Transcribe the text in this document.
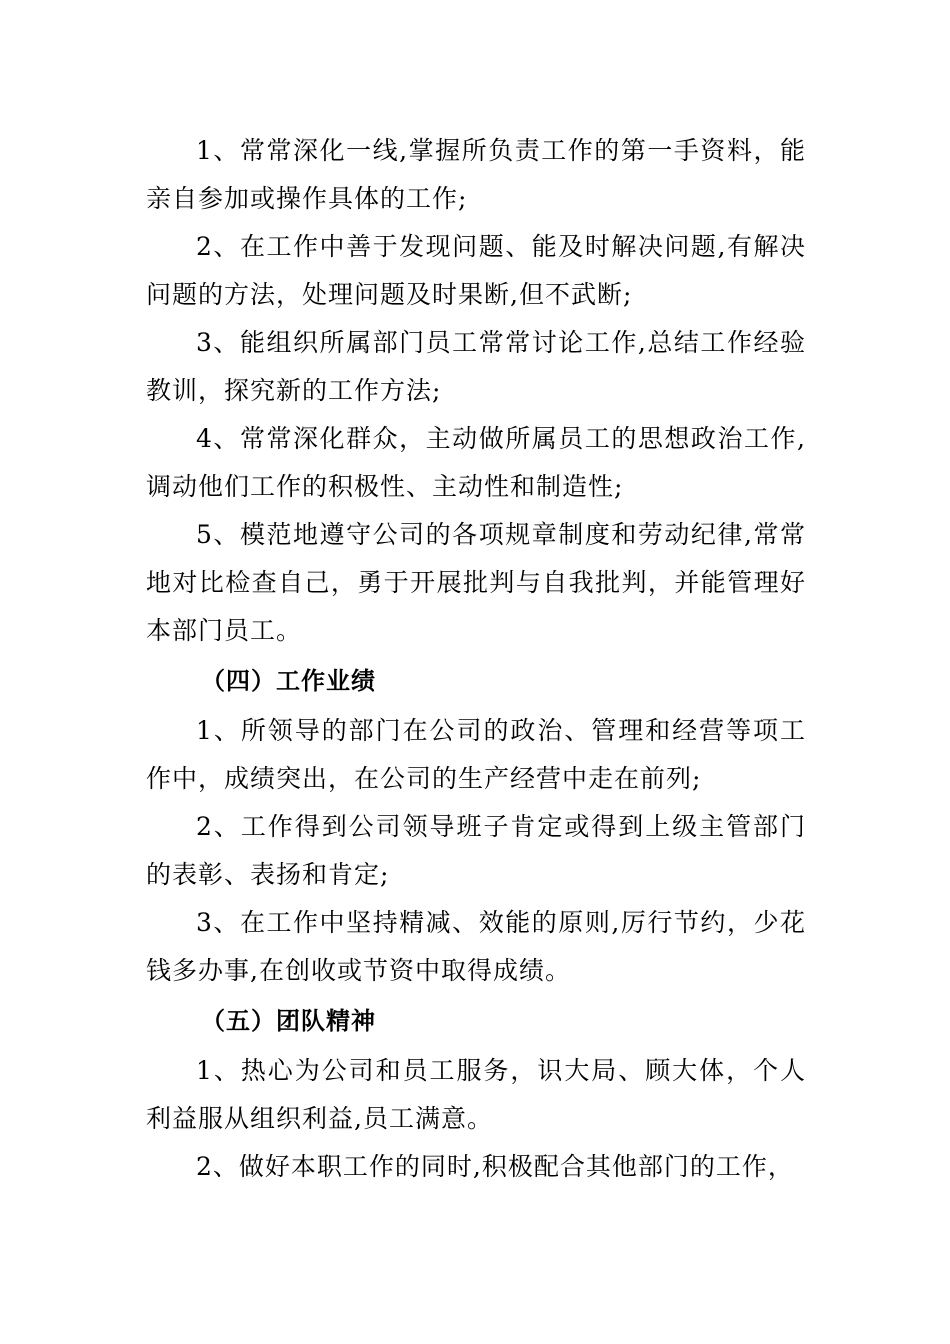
1、常常深化一线,掌握所负责工作的第一手资料，能亲自参加或操作具体的工作;

2、在工作中善于发现问题、能及时解决问题,有解决问题的方法，处理问题及时果断,但不武断;

3、能组织所属部门员工常常讨论工作,总结工作经验教训，探究新的工作方法;

4、常常深化群众，主动做所属员工的思想政治工作,调动他们工作的积极性、主动性和制造性;

5、模范地遵守公司的各项规章制度和劳动纪律,常常地对比检查自己，勇于开展批判与自我批判，并能管理好本部门员工。

（四）工作业绩

1、所领导的部门在公司的政治、管理和经营等项工作中，成绩突出，在公司的生产经营中走在前列;

2、工作得到公司领导班子肯定或得到上级主管部门的表彰、表扬和肯定;

3、在工作中坚持精减、效能的原则,厉行节约，少花钱多办事,在创收或节资中取得成绩。

（五）团队精神

1、热心为公司和员工服务，识大局、顾大体，个人利益服从组织利益,员工满意。

2、做好本职工作的同时,积极配合其他部门的工作，
